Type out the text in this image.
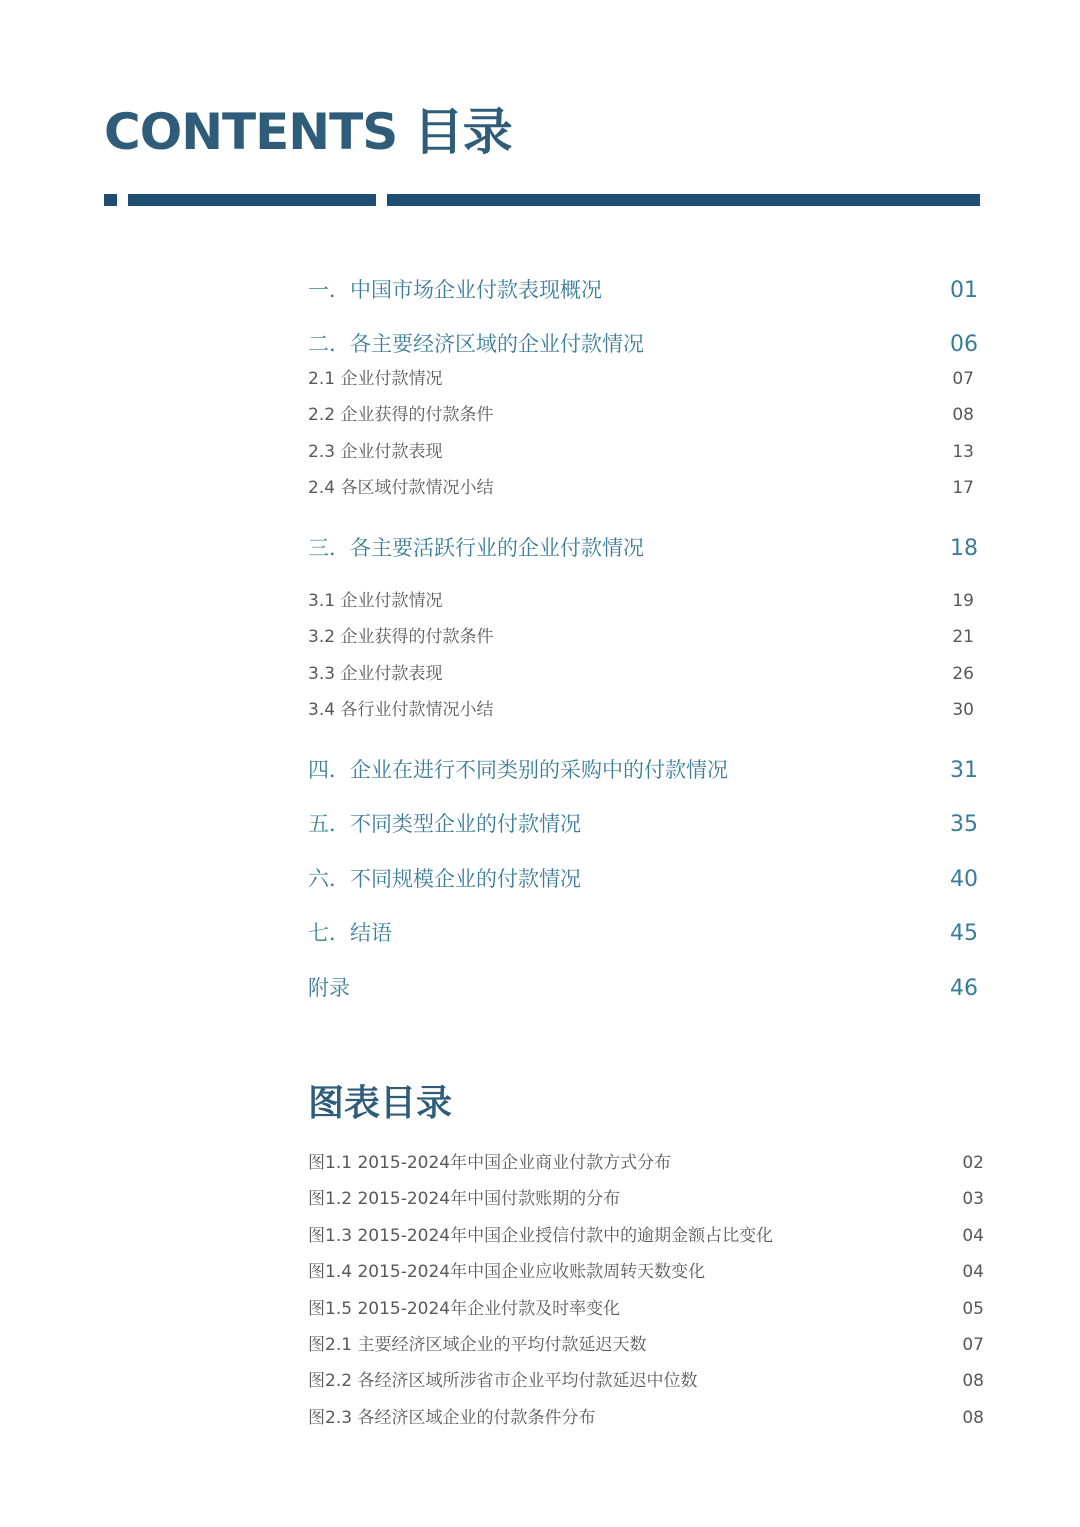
CONTENTS 目录
一．中国市场企业付款表现概况	01
二．各主要经济区域的企业付款情况	06
2.1 企业付款情况	07
2.2 企业获得的付款条件	08
2.3 企业付款表现	13
2.4 各区域付款情况小结	17
三．各主要活跃行业的企业付款情况	18
3.1 企业付款情况	19
3.2 企业获得的付款条件	21
3.3 企业付款表现	26
3.4 各行业付款情况小结	30
四．企业在进行不同类别的采购中的付款情况	31
五．不同类型企业的付款情况	35
六．不同规模企业的付款情况	40
七．结语	45
附录	46
图表目录
图1.1 2015-2024年中国企业商业付款方式分布	02
图1.2 2015-2024年中国付款账期的分布	03
图1.3 2015-2024年中国企业授信付款中的逾期金额占比变化	04
图1.4 2015-2024年中国企业应收账款周转天数变化	04
图1.5 2015-2024年企业付款及时率变化	05
图2.1 主要经济区域企业的平均付款延迟天数	07
图2.2 各经济区域所涉省市企业平均付款延迟中位数	08
图2.3 各经济区域企业的付款条件分布	08
